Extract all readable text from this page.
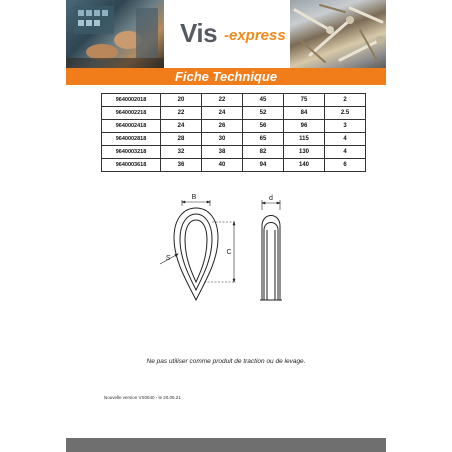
Vis -express
Fiche Technique
9640002018	20	22	45	75	2
9640002218	22	24	52	84	2.5
9640002418	24	26	56	96	3
9640002818	28	30	65	115	4
9640003218	32	38	82	130	4
9640003618	36	40	94	140	6
B
C
S
d
Ne pas utiliser comme produit de traction ou de levage.
Nouvelle version VS0640 - le 20.05.21
